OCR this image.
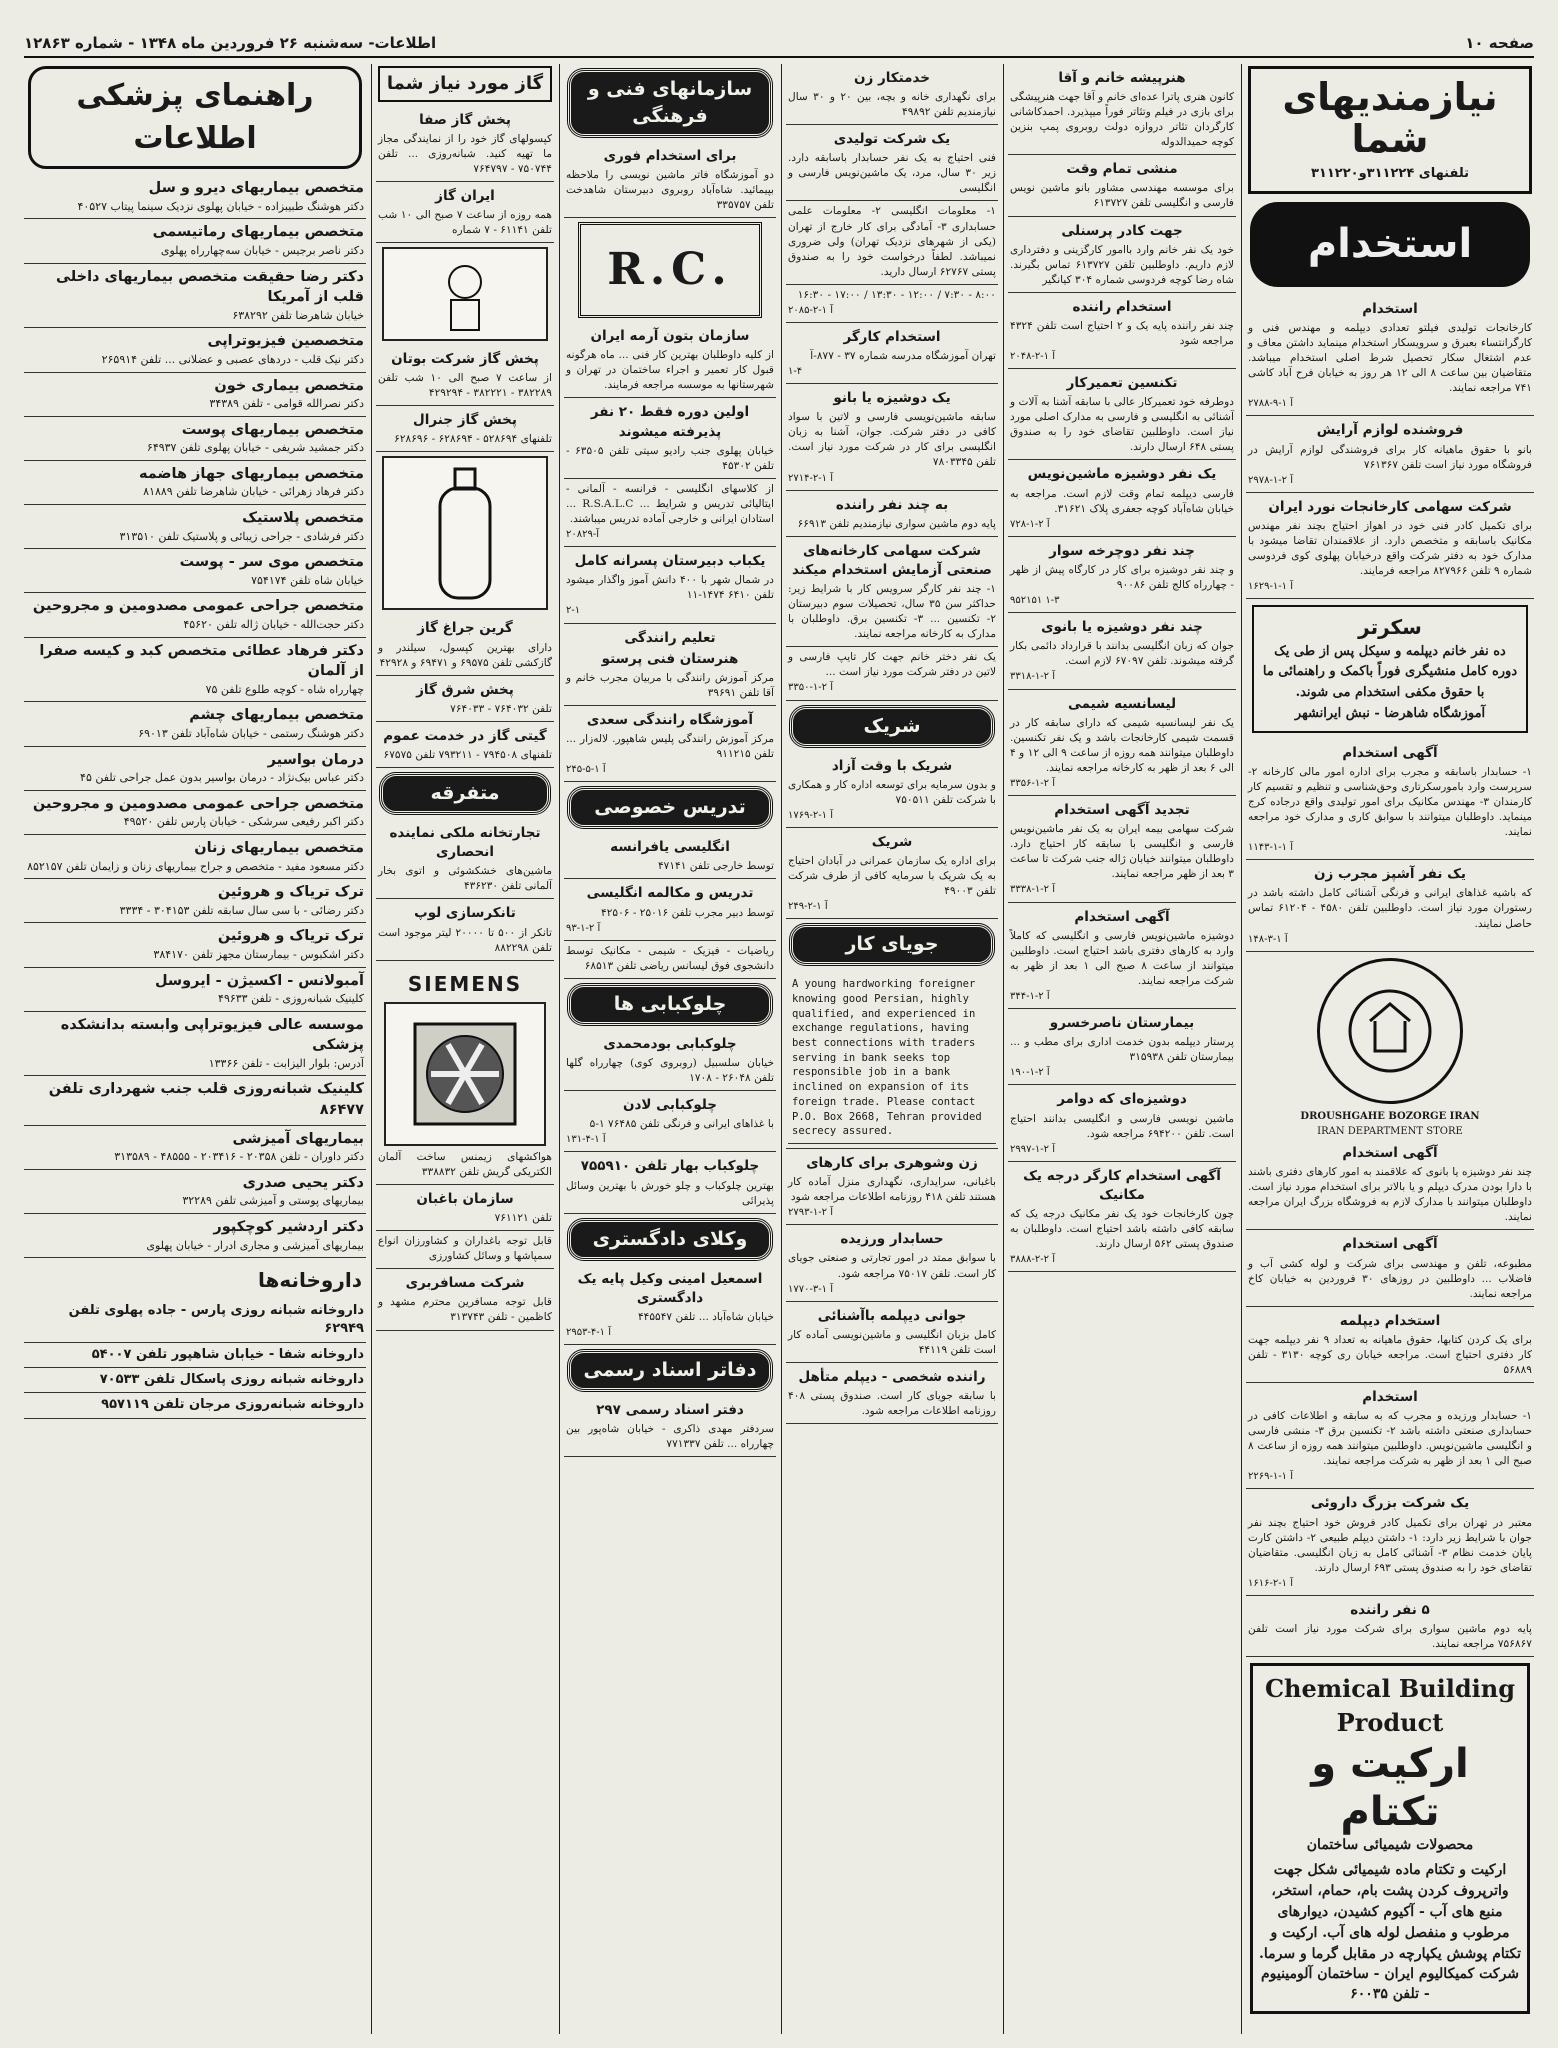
صفحه ۱۰
اطلاعات- سه‌شنبه ۲۶ فروردین ماه ۱۳۴۸ - شماره ۱۲۸۶۳
نیازمندیهای شما
تلفنهای ۳۱۱۲۲۴و۳۱۱۲۲۰
استخدام
استخدام
کارخانجات تولیدی فیلتو تعدادی دیپلمه و مهندس فنی و کارگرانتساء بعبرق و سرویسکار استخدام مینماید داشتن معاف و عدم اشتغال سکار تحصیل شرط اصلی استخدام میباشد. متقاضیان بین ساعت ۸ الی ۱۲ هر روز به خیابان فرح آباد کاشی ۷۴۱ مراجعه نمایند.
۲۷۸۸-آ ۱-۹
فروشنده لوازم آرایش
بانو با حقوق ماهیانه کار برای فروشندگی لوازم آرایش در فروشگاه مورد نیاز است تلفن ۷۶۱۳۶۷
۲۹۷۸-آ ۲-۱
شرکت سهامی کارخانجات نورد ایران
برای تکمیل کادر فنی خود در اهواز احتیاج بچند نفر مهندس مکانیک باسابقه و متخصص دارد. از علاقمندان تقاضا میشود با مدارک خود به دفتر شرکت واقع درخیابان پهلوی کوی فردوسی شماره ۹ تلفن ۸۲۷۹۶۶ مراجعه فرمایند.
۱۶۲۹-آ ۱-۱
سکرتر
ده نفر خانم دیپلمه و سیکل پس از طی یک دوره کامل منشیگری فوراً باکمک و راهنمائی ما با حقوق مکفی استخدام می شوند.
آموزشگاه شاهرضا - نبش ایرانشهر
آگهی استخدام
۱- حسابدار باسابقه و مجرب برای اداره امور مالی کارخانه ۲- سرپرست وارد بامورسکرتاری وحق‌شناسی و تنظیم و تقسیم کار کارمندان ۳- مهندس مکانیک برای امور تولیدی واقع درجاده کرج مینماید. داوطلبان میتوانند با سوابق کاری و مدارک خود مراجعه نمایند.
۱۱۴۳-آ ۱-۱
یک نفر آشپز مجرب زن
که باشیه غذاهای ایرانی و فرنگی آشنائی کامل داشته باشد در رستوران مورد نیاز است. داوطلبین تلفن ۴۵۸۰ - ۶۱۲۰۴ تماس حاصل نمایند.
۱۴۸-آ ۱-۳
DROUSHGAHE BOZORGE IRAN
IRAN DEPARTMENT STORE
آگهی استخدام
چند نفر دوشیزه یا بانوی که علاقمند به امور کارهای دفتری باشند با دارا بودن مدرک دیپلم و یا بالاتر برای استخدام مورد نیاز است. داوطلبان میتوانند با مدارک لازم به فروشگاه بزرگ ایران مراجعه نمایند.
آگهی استخدام
مطبوعه، تلفن و مهندسی برای شرکت و لوله کشی آب و فاضلاب ... داوطلبین در روزهای ۳۰ فروردین به خیابان کاخ مراجعه نمایند.
استخدام دیپلمه
برای یک کردن کتابها، حقوق ماهیانه به تعداد ۹ نفر دیپلمه جهت کار دفتری احتیاج است. مراجعه خیابان ری کوچه ۳۱۳۰ - تلفن ۵۶۸۸۹
استخدام
۱- حسابدار ورزیده و مجرب که به سابقه و اطلاعات کافی در حسابداری صنعتی داشته باشد ۲- تکنسین برق ۳- منشی فارسی و انگلیسی ماشین‌نویس. داوطلبین میتوانند همه روزه از ساعت ۸ صبح الی ۱ بعد از ظهر به شرکت مراجعه نمایند.
۲۲۶۹-آ ۱-۱
یک شرکت بزرگ داروئی
معتبر در تهران برای تکمیل کادر فروش خود احتیاج بچند نفر جوان با شرایط زیر دارد: ۱- داشتن دیپلم طبیعی ۲- داشتن کارت پایان خدمت نظام ۳- آشنائی کامل به زبان انگلیسی. متقاضیان تقاضای خود را به صندوق پستی ۶۹۳ ارسال دارند.
۱۶۱۶-آ ۱-۲
۵ نفر راننده
پایه دوم ماشین سواری برای شرکت مورد نیاز است تلفن ۷۵۶۸۶۷ مراجعه نمایند.
Chemical Building Product
ارکیت و تکتام
محصولات شیمیائی ساختمان
ارکیت و تکتام ماده شیمیائی شکل جهت واترپروف کردن پشت بام، حمام، استخر، منبع های آب - آکیوم کشیدن، دیوارهای مرطوب و منفصل لوله های آب. ارکیت و تکتام پوشش یکپارچه در مقابل گرما و سرما.
شرکت کمیکالیوم ایران - ساختمان آلومینیوم - تلفن ۶۰۰۳۵
هنرپیشه خانم و آقا
کانون هنری پاترا عده‌ای خانم و آقا جهت هنرپیشگی برای بازی در فیلم وتئاتر فوراً میپذیرد. احمدکاشانی کارگردان تئاتر دروازه دولت روبروی پمپ بنزین کوچه حمیدالدوله
منشی تمام وقت
برای موسسه مهندسی مشاور بانو ماشین نویس فارسی و انگلیسی تلفن ۶۱۳۷۲۷
جهت کادر پرسنلی
خود یک نفر خانم وارد باامور کارگزینی و دفترداری لازم داریم. داوطلبین تلفن ۶۱۳۷۲۷ تماس بگیرند. شاه رضا کوچه فردوسی شماره ۳۰۴ کیانگیر
استخدام راننده
چند نفر راننده پایه یک و ۲ احتیاج است تلفن ۴۳۲۴ مراجعه شود
۲۰۴۸-آ ۱-۲
تکنسین تعمیرکار
دوطرفه خود تعمیرکار عالی با سابقه آشنا به آلات و آشنائی به انگلیسی و فارسی به مدارک اصلی مورد نیاز است. داوطلبین تقاضای خود را به صندوق پستی ۶۴۸ ارسال دارند.
یک نفر دوشیزه ماشین‌نویس
فارسی دیپلمه تمام وقت لازم است. مراجعه به خیابان شاه‌آباد کوچه جعفری پلاک ۳۱۶۲۱.
۷۲۸-آ ۲-۱
چند نفر دوچرخه سوار
و چند نفر دوشیزه برای کار در کارگاه پیش از ظهر - چهارراه کالج تلفن ۹۰۰۸۶
۹۵۲۱۵۱ ۱-۳
چند نفر دوشیزه یا بانوی
جوان که زبان انگلیسی بدانند با قرارداد دائمی بکار گرفته میشوند. تلفن ۶۷۰۹۷ لازم است.
۳۳۱۸-آ ۲-۱
لیسانسیه شیمی
یک نفر لیسانسیه شیمی که دارای سابقه کار در قسمت شیمی کارخانجات باشد و یک نفر تکنسین. داوطلبان میتوانند همه روزه از ساعت ۹ الی ۱۲ و ۴ الی ۶ بعد از ظهر به کارخانه مراجعه نمایند.
۳۳۵۶-آ ۲-۱
تجدید آگهی استخدام
شرکت سهامی بیمه ایران به یک نفر ماشین‌نویس فارسی و انگلیسی با سابقه کار احتیاج دارد. داوطلبان میتوانند خیابان ژاله جنب شرکت تا ساعت ۳ بعد از ظهر مراجعه نمایند.
۳۳۳۸-آ ۲-۱
آگهی استخدام
دوشیزه ماشین‌نویس فارسی و انگلیسی که کاملاً وارد به کارهای دفتری باشد احتیاج است. داوطلبین میتوانند از ساعت ۸ صبح الی ۱ بعد از ظهر به شرکت مراجعه نمایند.
۳۴۴-آ ۲-۱
بیمارستان ناصرخسرو
پرستار دیپلمه بدون خدمت اداری برای مطب و ... بیمارستان تلفن ۳۱۵۹۳۸
۱۹۰-آ ۲-۱
دوشیزه‌ای که دوامر
ماشین نویسی فارسی و انگلیسی بدانند احتیاج است. تلفن ۶۹۴۲۰۰ مراجعه شود.
۲۹۹۷-آ ۲-۱
آگهی استخدام کارگر درجه یک مکانیک
چون کارخانجات خود یک نفر مکانیک درجه یک که سابقه کافی داشته باشد احتیاج است. داوطلبان به صندوق پستی ۵۶۲ ارسال دارند.
۳۸۸۸-آ ۲-۲
خدمتکار زن
برای نگهداری خانه و بچه، بین ۲۰ و ۳۰ سال نیازمندیم تلفن ۴۹۸۹۲
یک شرکت تولیدی
فنی احتیاج به یک نفر حسابدار باسابقه دارد. زیر ۳۰ سال، مرد، یک ماشین‌نویس فارسی و انگلیسی
۱- معلومات انگلیسی ۲- معلومات علمی حسابداری ۳- آمادگی برای کار خارج از تهران (یکی از شهرهای نزدیک تهران) ولی ضروری نمیباشد. لطفاً درخواست خود را به صندوق پستی ۶۲۷۶۷ ارسال دارید.
۸:۰۰ - ۷:۳۰ / ۱۲:۰۰ - ۱۳:۳۰ / ۱۷:۰۰ - ۱۶:۳۰
۲۰۸۵-آ ۱-۲
استخدام کارگر
تهران آموزشگاه مدرسه شماره ۳۷ - ۸۷۷-آ
۱-۴
یک دوشیزه یا بانو
سابقه ماشین‌نویسی فارسی و لاتین با سواد کافی در دفتر شرکت. جوان، آشنا به زبان انگلیسی برای کار در شرکت مورد نیاز است. تلفن ۷۸۰۳۳۴۵
۲۷۱۴-آ ۱-۲
به چند نفر راننده
پایه دوم ماشین سواری نیازمندیم تلفن ۶۶۹۱۳
شرکت سهامی کارخانه‌های صنعتی آزمایش استخدام میکند
۱- چند نفر کارگر سرویس کار با شرایط زیر: حداکثر سن ۳۵ سال، تحصیلات سوم دبیرستان ۲- تکنسین ... ۳- تکنسین برق. داوطلبان با مدارک به کارخانه مراجعه نمایند.
یک نفر دختر خانم جهت کار تایپ فارسی و لاتین در دفتر شرکت مورد نیاز است ...
۳۳۵۰-آ ۲-۱
شریک
شریک با وقت آزاد
و بدون سرمایه برای توسعه اداره کار و همکاری با شرکت تلفن ۷۵۰۵۱۱
۱۷۶۹-آ ۱-۲
شریک
برای اداره یک سازمان عمرانی در آبادان احتیاج به یک شریک با سرمایه کافی از طرف شرکت تلفن ۴۹۰۰۳
۲۴۹-آ ۱-۲
جویای کار
A young hardworking foreigner knowing good Persian, highly qualified, and experienced in exchange regulations, having best connections with traders serving in bank seeks top responsible job in a bank inclined on expansion of its foreign trade. Please contact P.O. Box 2668, Tehran provided secrecy assured.
زن وشوهری برای کارهای
باغبانی، سرایداری، نگهداری منزل آماده کار هستند تلفن ۴۱۸ روزنامه اطلاعات مراجعه شود
۲۷۹۳-آ ۲-۱
حسابدار ورزیده
با سوابق ممتد در امور تجارتی و صنعتی جویای کار است. تلفن ۷۵۰۱۷ مراجعه شود.
۱۷۷۰-آ ۱-۳
جوانی دیپلمه باآشنائی
کامل بزبان انگلیسی و ماشین‌نویسی آماده کار است تلفن ۴۴۱۱۹
راننده شخصی - دیپلم متأهل
با سابقه جویای کار است. صندوق پستی ۴۰۸ روزنامه اطلاعات مراجعه شود.
سازمانهای فنی و فرهنگی
برای استخدام فوری
دو آموزشگاه فاتر ماشین نویسی را ملاحظه بپیمائید. شاه‌آباد روبروی دبیرستان شاهدخت تلفن ۳۳۵۷۵۷
R.C.
سازمان بتون آرمه ایران
از کلیه داوطلبان بهترین کار فنی ... ماه هرگونه قبول کار تعمیر و اجراء ساختمان در تهران و شهرستانها به موسسه مراجعه فرمایند.
اولین دوره فقط ۲۰ نفر پذیرفته میشوند
خیابان پهلوی جنب رادیو سیتی تلفن ۶۳۵۰۵ - تلفن ۴۵۳۰۲
از کلاسهای انگلیسی - فرانسه - آلمانی - ایتالیائی تدریس و شرایط ... R.S.A.L.C ... استادان ایرانی و خارجی آماده تدریس میباشند.
۲۰۸۲۹-آ
یکباب دبیرستان پسرانه کامل
در شمال شهر با ۴۰۰ دانش آموز واگذار میشود تلفن ۶۴۱۰ ۱۴۷۴-۱۱
۲-۱
تعلیم رانندگی
هنرستان فنی پرستو
مرکز آموزش رانندگی با مربیان مجرب خانم و آقا تلفن ۳۹۶۹۱
آموزشگاه رانندگی سعدی
مرکز آموزش رانندگی پلیس شاهپور. لاله‌زار ... تلفن ۹۱۱۲۱۵
۲۴۵-آ ۱-۵
تدریس خصوصی
انگلیسی یافرانسه
توسط خارجی تلفن ۴۷۱۴۱
تدریس و مکالمه انگلیسی
توسط دبیر مجرب تلفن ۲۵۰۱۶ - ۴۲۵۰۶
۹۳-آ ۲-۱
ریاضیات - فیزیک - شیمی - مکانیک توسط دانشجوی فوق لیسانس ریاضی تلفن ۶۸۵۱۳
چلوکبابی ها
چلوکبابی بودمحمدی
خیابان سلسبیل (روبروی کوی) چهارراه گلها تلفن ۲۶۰۴۸ - ۱۷۰۸
چلوکبابی لادن
با غذاهای ایرانی و فرنگی تلفن ۷۶۴۸۵ ۱-۵
۱۳۱-آ ۱-۴
چلوکباب بهار تلفن ۷۵۵۹۱۰
بهترین چلوکباب و چلو خورش با بهترین وسائل پذیرائی
وکلای دادگستری
اسمعیل امینی وکیل پایه یک دادگستری
خیابان شاه‌آباد ... تلفن ۴۴۵۵۴۷
۲۹۵۳-آ ۱-۴
دفاتر اسناد رسمی
دفتر اسناد رسمی ۲۹۷
سردفتر مهدی ذاکری - خیابان شاه‌پور بین چهارراه ... تلفن ۷۷۱۳۳۷
گاز مورد نیاز شما
پخش گاز صفا
کپسولهای گاز خود را از نمایندگی مجاز ما تهیه کنید. شبانه‌روزی ... تلفن ۷۵۰۷۴۴ - ۷۶۴۷۹۷
ایران گاز
همه روزه از ساعت ۷ صبح الی ۱۰ شب تلفن ۶۱۱۴۱ - ۷ شماره
پخش گاز شرکت بوتان
از ساعت ۷ صبح الی ۱۰ شب تلفن ۳۸۲۲۸۹ - ۳۸۲۲۲۱ - ۴۲۹۲۹۴
پخش گاز جنرال
تلفنهای ۵۲۸۶۹۴ - ۶۲۸۶۹۴ - ۶۲۸۶۹۶
گرین جراغ گاز
دارای بهترین کپسول، سیلندر و گازکشی تلفن ۶۹۵۷۵ و ۶۹۴۷۱ و ۴۲۹۲۸
پخش شرق گاز
تلفن ۷۶۴۰۳۲ - ۷۶۴۰۳۳
گیتی گاز در خدمت عموم
تلفنهای ۷۹۴۵۰۸ - ۷۹۳۲۱۱ تلفن ۶۷۵۷۵
متفرقه
تجارتخانه ملکی نماینده انحصاری
ماشین‌های خشکشوئی و اتوی بخار آلمانی تلفن ۴۳۶۲۳۰
تانکرسازی لوپ
تانکر از ۵۰۰ تا ۲۰۰۰۰ لیتر موجود است تلفن ۸۸۲۲۹۸
SIEMENS
هواکشهای زیمنس ساخت آلمان الکتریکی گریش تلفن ۳۳۸۸۳۲
سازمان باغبان
تلفن ۷۶۱۱۲۱
قابل توجه باغداران و کشاورزان انواع سمپاشها و وسائل کشاورزی
شرکت مسافربری
قابل توجه مسافرین محترم مشهد و کاظمین - تلفن ۳۱۳۷۴۳
راهنمای پزشکی اطلاعات
متخصص بیماریهای دیرو و سل
دکتر هوشنگ طبیبزاده - خیابان پهلوی نزدیک سینما پیتاب ۴۰۵۲۷
متخصص بیماریهای رماتیسمی
دکتر ناصر برجیس - خیابان سه‌چهارراه پهلوی
دکتر رضا حقیقت متخصص بیماریهای داخلی قلب از آمریکا
خیابان شاهرضا تلفن ۶۳۸۲۹۲
متخصصین فیزیوتراپی
دکتر نیک قلب - دردهای عصبی و عضلانی ... تلفن ۲۶۵۹۱۴
متخصص بیماری خون
دکتر نصرالله قوامی - تلفن ۳۴۳۸۹
متخصص بیماریهای پوست
دکتر جمشید شریفی - خیابان پهلوی تلفن ۶۴۹۳۷
متخصص بیماریهای جهاز هاضمه
دکتر فرهاد زهرائی - خیابان شاهرضا تلفن ۸۱۸۸۹
متخصص پلاستیک
دکتر فرشادی - جراحی زیبائی و پلاستیک تلفن ۳۱۳۵۱۰
متخصص موی سر - پوست
خیابان شاه تلفن ۷۵۴۱۷۴
متخصص جراحی عمومی مصدومین و مجروحین
دکتر حجت‌الله - خیابان ژاله تلفن ۴۵۶۲۰
دکتر فرهاد عطائی متخصص کبد و کیسه صفرا از آلمان
چهارراه شاه - کوچه طلوع تلفن ۷۵
متخصص بیماریهای چشم
دکتر هوشنگ رستمی - خیابان شاه‌آباد تلفن ۶۹۰۱۳
درمان بواسیر
دکتر عباس بیک‌نژاد - درمان بواسیر بدون عمل جراحی تلفن ۴۵
متخصص جراحی عمومی مصدومین و مجروحین
دکتر اکبر رفیعی سرشکی - خیابان پارس تلفن ۴۹۵۲۰
متخصص بیماریهای زنان
دکتر مسعود مفید - متخصص و جراح بیماریهای زنان و زایمان تلفن ۸۵۲۱۵۷
ترک تریاک و هروئین
دکتر رضائی - با سی سال سابقه تلفن ۳۰۴۱۵۳ - ۳۳۳۴
ترک تریاک و هروئین
دکتر اشکبوس - بیمارستان مجهز تلفن ۳۸۴۱۷۰
آمبولانس - اکسیژن - ایروسل
کلینیک شبانه‌روزی - تلفن ۴۹۶۳۳
موسسه عالی فیزیوتراپی وابسته بدانشکده پزشکی
آدرس: بلوار الیزابت - تلفن ۱۳۳۶۶
کلینیک شبانه‌روزی قلب جنب شهرداری تلفن ۸۶۴۷۷
بیماریهای آمیزشی
دکتر داوران - تلفن ۲۰۳۵۸ - ۲۰۳۴۱۶ - ۴۸۵۵۵ - ۳۱۳۵۸۹
دکتر یحیی صدری
بیماریهای پوستی و آمیزشی تلفن ۳۲۲۸۹
دکتر اردشیر کوچکپور
بیماریهای آمیزشی و مجاری ادرار - خیابان پهلوی
داروخانه‌ها
داروخانه شبانه روزی پارس - جاده پهلوی تلفن ۶۲۹۴۹
داروخانه شفا - خیابان شاهپور تلفن ۵۴۰۰۷
داروخانه شبانه روزی پاسکال تلفن ۷۰۵۳۳
داروخانه شبانه‌روزی مرجان تلفن ۹۵۷۱۱۹
